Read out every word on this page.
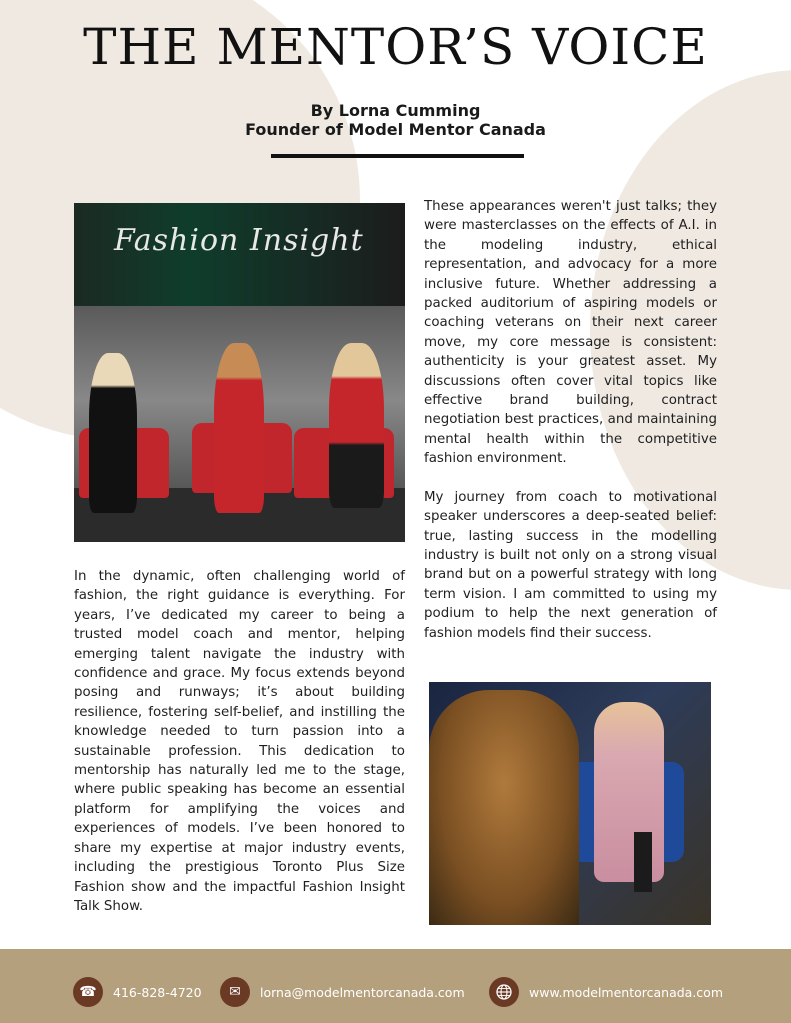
THE MENTOR’S VOICE
By Lorna Cumming
Founder of Model Mentor Canada
Fashion Insight

In the dynamic, often challenging world of fashion, the right guidance is everything. For years, I’ve dedicated my career to being a trusted model coach and mentor, helping emerging talent navigate the industry with confidence and grace. My focus extends beyond posing and runways; it’s about building resilience, fostering self-belief, and instilling the knowledge needed to turn passion into a sustainable profession. This dedication to mentorship has naturally led me to the stage, where public speaking has become an essential platform for amplifying the voices and experiences of models. I’ve been honored to share my expertise at major industry events, including the prestigious Toronto Plus Size Fashion show and the impactful Fashion Insight Talk Show.

These appearances weren't just talks; they were masterclasses on the effects of A.I. in the modeling industry, ethical representation, and advocacy for a more inclusive future. Whether addressing a packed auditorium of aspiring models or coaching veterans on their next career move, my core message is consistent: authenticity is your greatest asset. My discussions often cover vital topics like effective brand building, contract negotiation best practices, and maintaining mental health within the competitive fashion environment.

My journey from coach to motivational speaker underscores a deep-seated belief: true, lasting success in the modelling industry is built not only on a strong visual brand but on a powerful strategy with long term vision. I am committed to using my podium to help the next generation of fashion models find their success.

☎	416-828-4720	✉	lorna@modelmentorcanada.com	www.modelmentorcanada.com
